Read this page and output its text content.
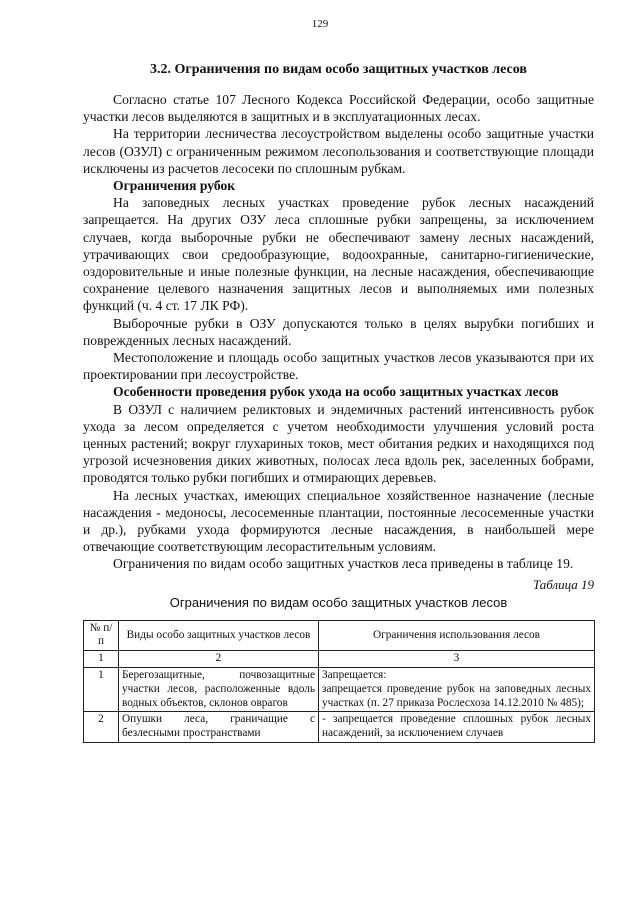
129
3.2. Ограничения по видам особо защитных участков лесов

Согласно статье 107 Лесного Кодекса Российской Федерации, особо защитные участки лесов выделяются в защитных и в эксплуатационных лесах.

На территории лесничества лесоустройством выделены особо защитные участки лесов (ОЗУЛ) с ограниченным режимом лесопользования и соответствующие площади исключены из расчетов лесосеки по сплошным рубкам.

Ограничения рубок

На заповедных лесных участках проведение рубок лесных насаждений запрещается. На других ОЗУ леса сплошные рубки запрещены, за исключением случаев, когда выборочные рубки не обеспечивают замену лесных насаждений, утрачивающих свои средообразующие, водоохранные, санитарно-гигиенические, оздоровительные и иные полезные функции, на лесные насаждения, обеспечивающие сохранение целевого назначения защитных лесов и выполняемых ими полезных функций (ч. 4 ст. 17 ЛК РФ).

Выборочные рубки в ОЗУ допускаются только в целях вырубки погибших и поврежденных лесных насаждений.

Местоположение и площадь особо защитных участков лесов указываются при их проектировании при лесоустройстве.

Особенности проведения рубок ухода на особо защитных участках лесов

В ОЗУЛ с наличием реликтовых и эндемичных растений интенсивность рубок ухода за лесом определяется с учетом необходимости улучшения условий роста ценных растений; вокруг глухариных токов, мест обитания редких и находящихся под угрозой исчезновения диких животных, полосах леса вдоль рек, заселенных бобрами, проводятся только рубки погибших и отмирающих деревьев.

На лесных участках, имеющих специальное хозяйственное назначение (лесные насаждения - медоносы, лесосеменные плантации, постоянные лесосеменные участки и др.), рубками ухода формируются лесные насаждения, в наибольшей мере отвечающие соответствующим лесорастительным условиям.

Ограничения по видам особо защитных участков леса приведены в таблице 19.

Таблица 19
Ограничения по видам особо защитных участков лесов
№ п/п	Виды особо защитных участков лесов	Ограничения использования лесов
1	2	3
1	Берегозащитные, почвозащитные участки лесов, расположенные вдоль водных объектов, склонов оврагов	Запрещается:
запрещается проведение рубок на заповедных лесных участках (п. 27 приказа Рослесхоза 14.12.2010 № 485);

2	Опушки леса, граничащие с безлесными пространствами	- запрещается проведение сплошных рубок лесных насаждений, за исключением случаев
